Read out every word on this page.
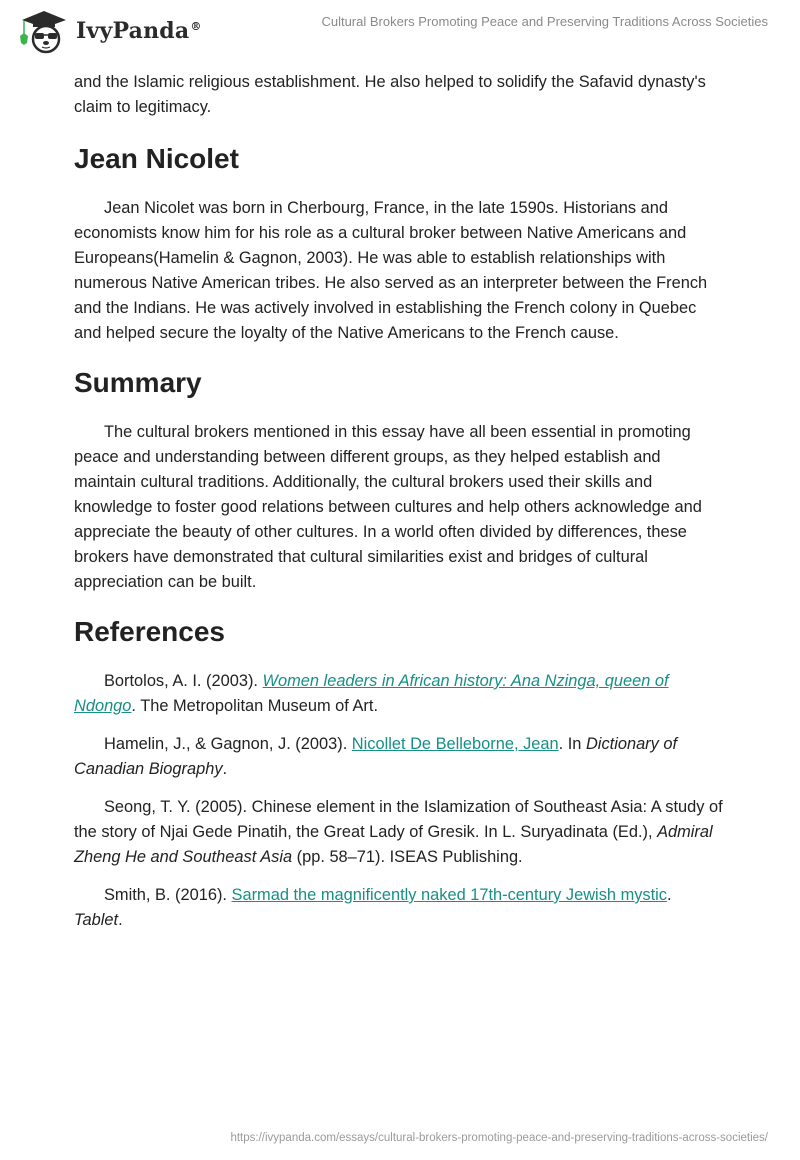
IvyPanda®	Cultural Brokers Promoting Peace and Preserving Traditions Across Societies

and the Islamic religious establishment. He also helped to solidify the Safavid dynasty's claim to legitimacy.

Jean Nicolet

Jean Nicolet was born in Cherbourg, France, in the late 1590s. Historians and economists know him for his role as a cultural broker between Native Americans and Europeans(Hamelin & Gagnon, 2003). He was able to establish relationships with numerous Native American tribes. He also served as an interpreter between the French and the Indians. He was actively involved in establishing the French colony in Quebec and helped secure the loyalty of the Native Americans to the French cause.

Summary

The cultural brokers mentioned in this essay have all been essential in promoting peace and understanding between different groups, as they helped establish and maintain cultural traditions. Additionally, the cultural brokers used their skills and knowledge to foster good relations between cultures and help others acknowledge and appreciate the beauty of other cultures. In a world often divided by differences, these brokers have demonstrated that cultural similarities exist and bridges of cultural appreciation can be built.

References

Bortolos, A. I. (2003). Women leaders in African history: Ana Nzinga, queen of Ndongo. The Metropolitan Museum of Art.

Hamelin, J., & Gagnon, J. (2003). Nicollet De Belleborne, Jean. In Dictionary of Canadian Biography.

Seong, T. Y. (2005). Chinese element in the Islamization of Southeast Asia: A study of the story of Njai Gede Pinatih, the Great Lady of Gresik. In L. Suryadinata (Ed.), Admiral Zheng He and Southeast Asia (pp. 58–71). ISEAS Publishing.

Smith, B. (2016). Sarmad the magnificently naked 17th-century Jewish mystic. Tablet.

https://ivypanda.com/essays/cultural-brokers-promoting-peace-and-preserving-traditions-across-societies/
